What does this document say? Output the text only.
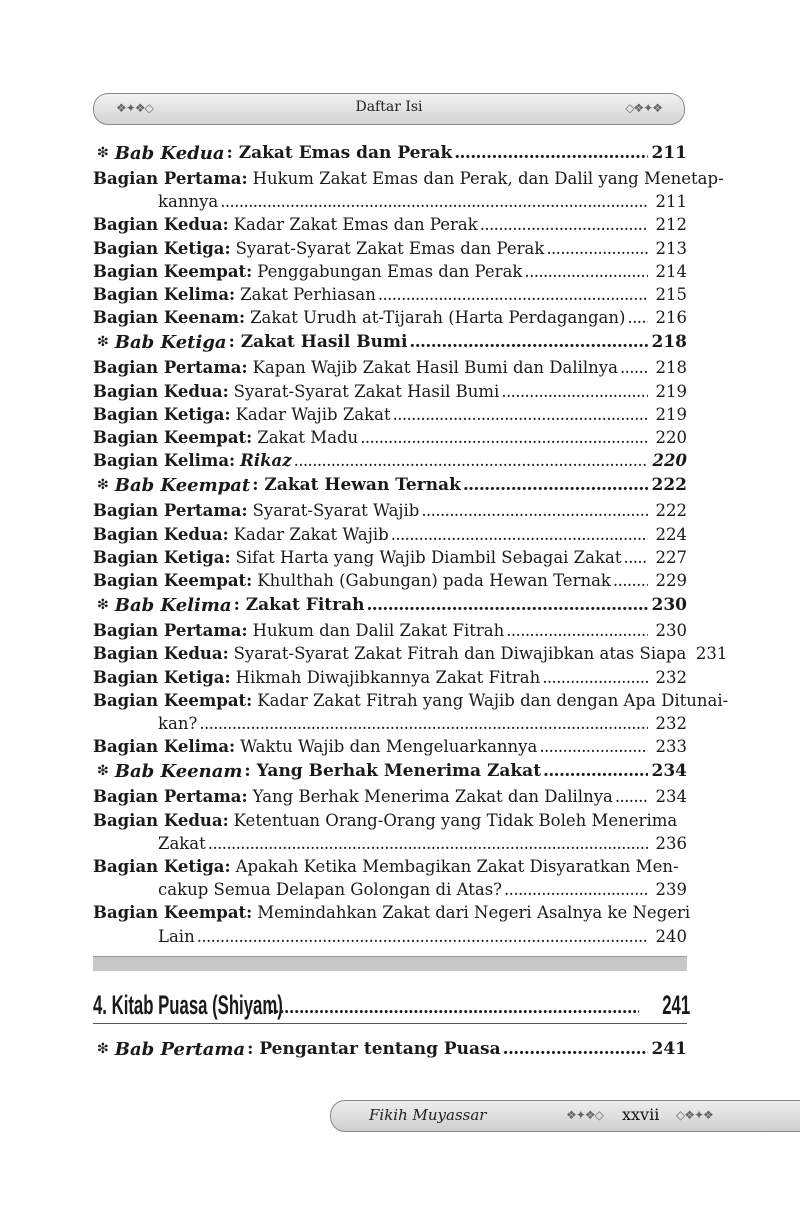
❖✦❖◇	Daftar Isi	◇❖✦❖
❇ Bab Kedua : Zakat Emas dan Perak .....	211
Bagian Pertama: Hukum Zakat Emas dan Perak, dan Dalil yang Menetap-
kannya .....	211
Bagian Kedua: Kadar Zakat Emas dan Perak .....	212
Bagian Ketiga: Syarat-Syarat Zakat Emas dan Perak .....	213
Bagian Keempat: Penggabungan Emas dan Perak .....	214
Bagian Kelima: Zakat Perhiasan .....	215
Bagian Keenam: Zakat Urudh at-Tijarah (Harta Perdagangan) ..... 216
❇ Bab Ketiga : Zakat Hasil Bumi .....	218
Bagian Pertama: Kapan Wajib Zakat Hasil Bumi dan Dalilnya ..... 218
Bagian Kedua: Syarat-Syarat Zakat Hasil Bumi .....	219
Bagian Ketiga: Kadar Wajib Zakat .....	219
Bagian Keempat: Zakat Madu .....	220
Bagian Kelima: Rikaz .....	220
❇ Bab Keempat : Zakat Hewan Ternak .....	222
Bagian Pertama: Syarat-Syarat Wajib .....	222
Bagian Kedua: Kadar Zakat Wajib .....	224
Bagian Ketiga: Sifat Harta yang Wajib Diambil Sebagai Zakat ..... 227
Bagian Keempat: Khulthah (Gabungan) pada Hewan Ternak .....	229
❇ Bab Kelima : Zakat Fitrah .....	230
Bagian Pertama: Hukum dan Dalil Zakat Fitrah .....	230
Bagian Kedua: Syarat-Syarat Zakat Fitrah dan Diwajibkan atas Siapa 231
Bagian Ketiga: Hikmah Diwajibkannya Zakat Fitrah .....	232
Bagian Keempat: Kadar Zakat Fitrah yang Wajib dan dengan Apa Ditunai-
kan? .....	232
Bagian Kelima: Waktu Wajib dan Mengeluarkannya .....	233
❇ Bab Keenam : Yang Berhak Menerima Zakat .....	234
Bagian Pertama: Yang Berhak Menerima Zakat dan Dalilnya .....	234
Bagian Kedua: Ketentuan Orang-Orang yang Tidak Boleh Menerima
Zakat .....	236
Bagian Ketiga: Apakah Ketika Membagikan Zakat Disyaratkan Men-
cakup Semua Delapan Golongan di Atas? .....	239
Bagian Keempat: Memindahkan Zakat dari Negeri Asalnya ke Negeri
Lain .....	240
4. Kitab Puasa (Shiyam) .....	241
❇ Bab Pertama : Pengantar tentang Puasa .....	241
Fikih Muyassar	❖✦❖◇ xxvii ◇❖✦❖
